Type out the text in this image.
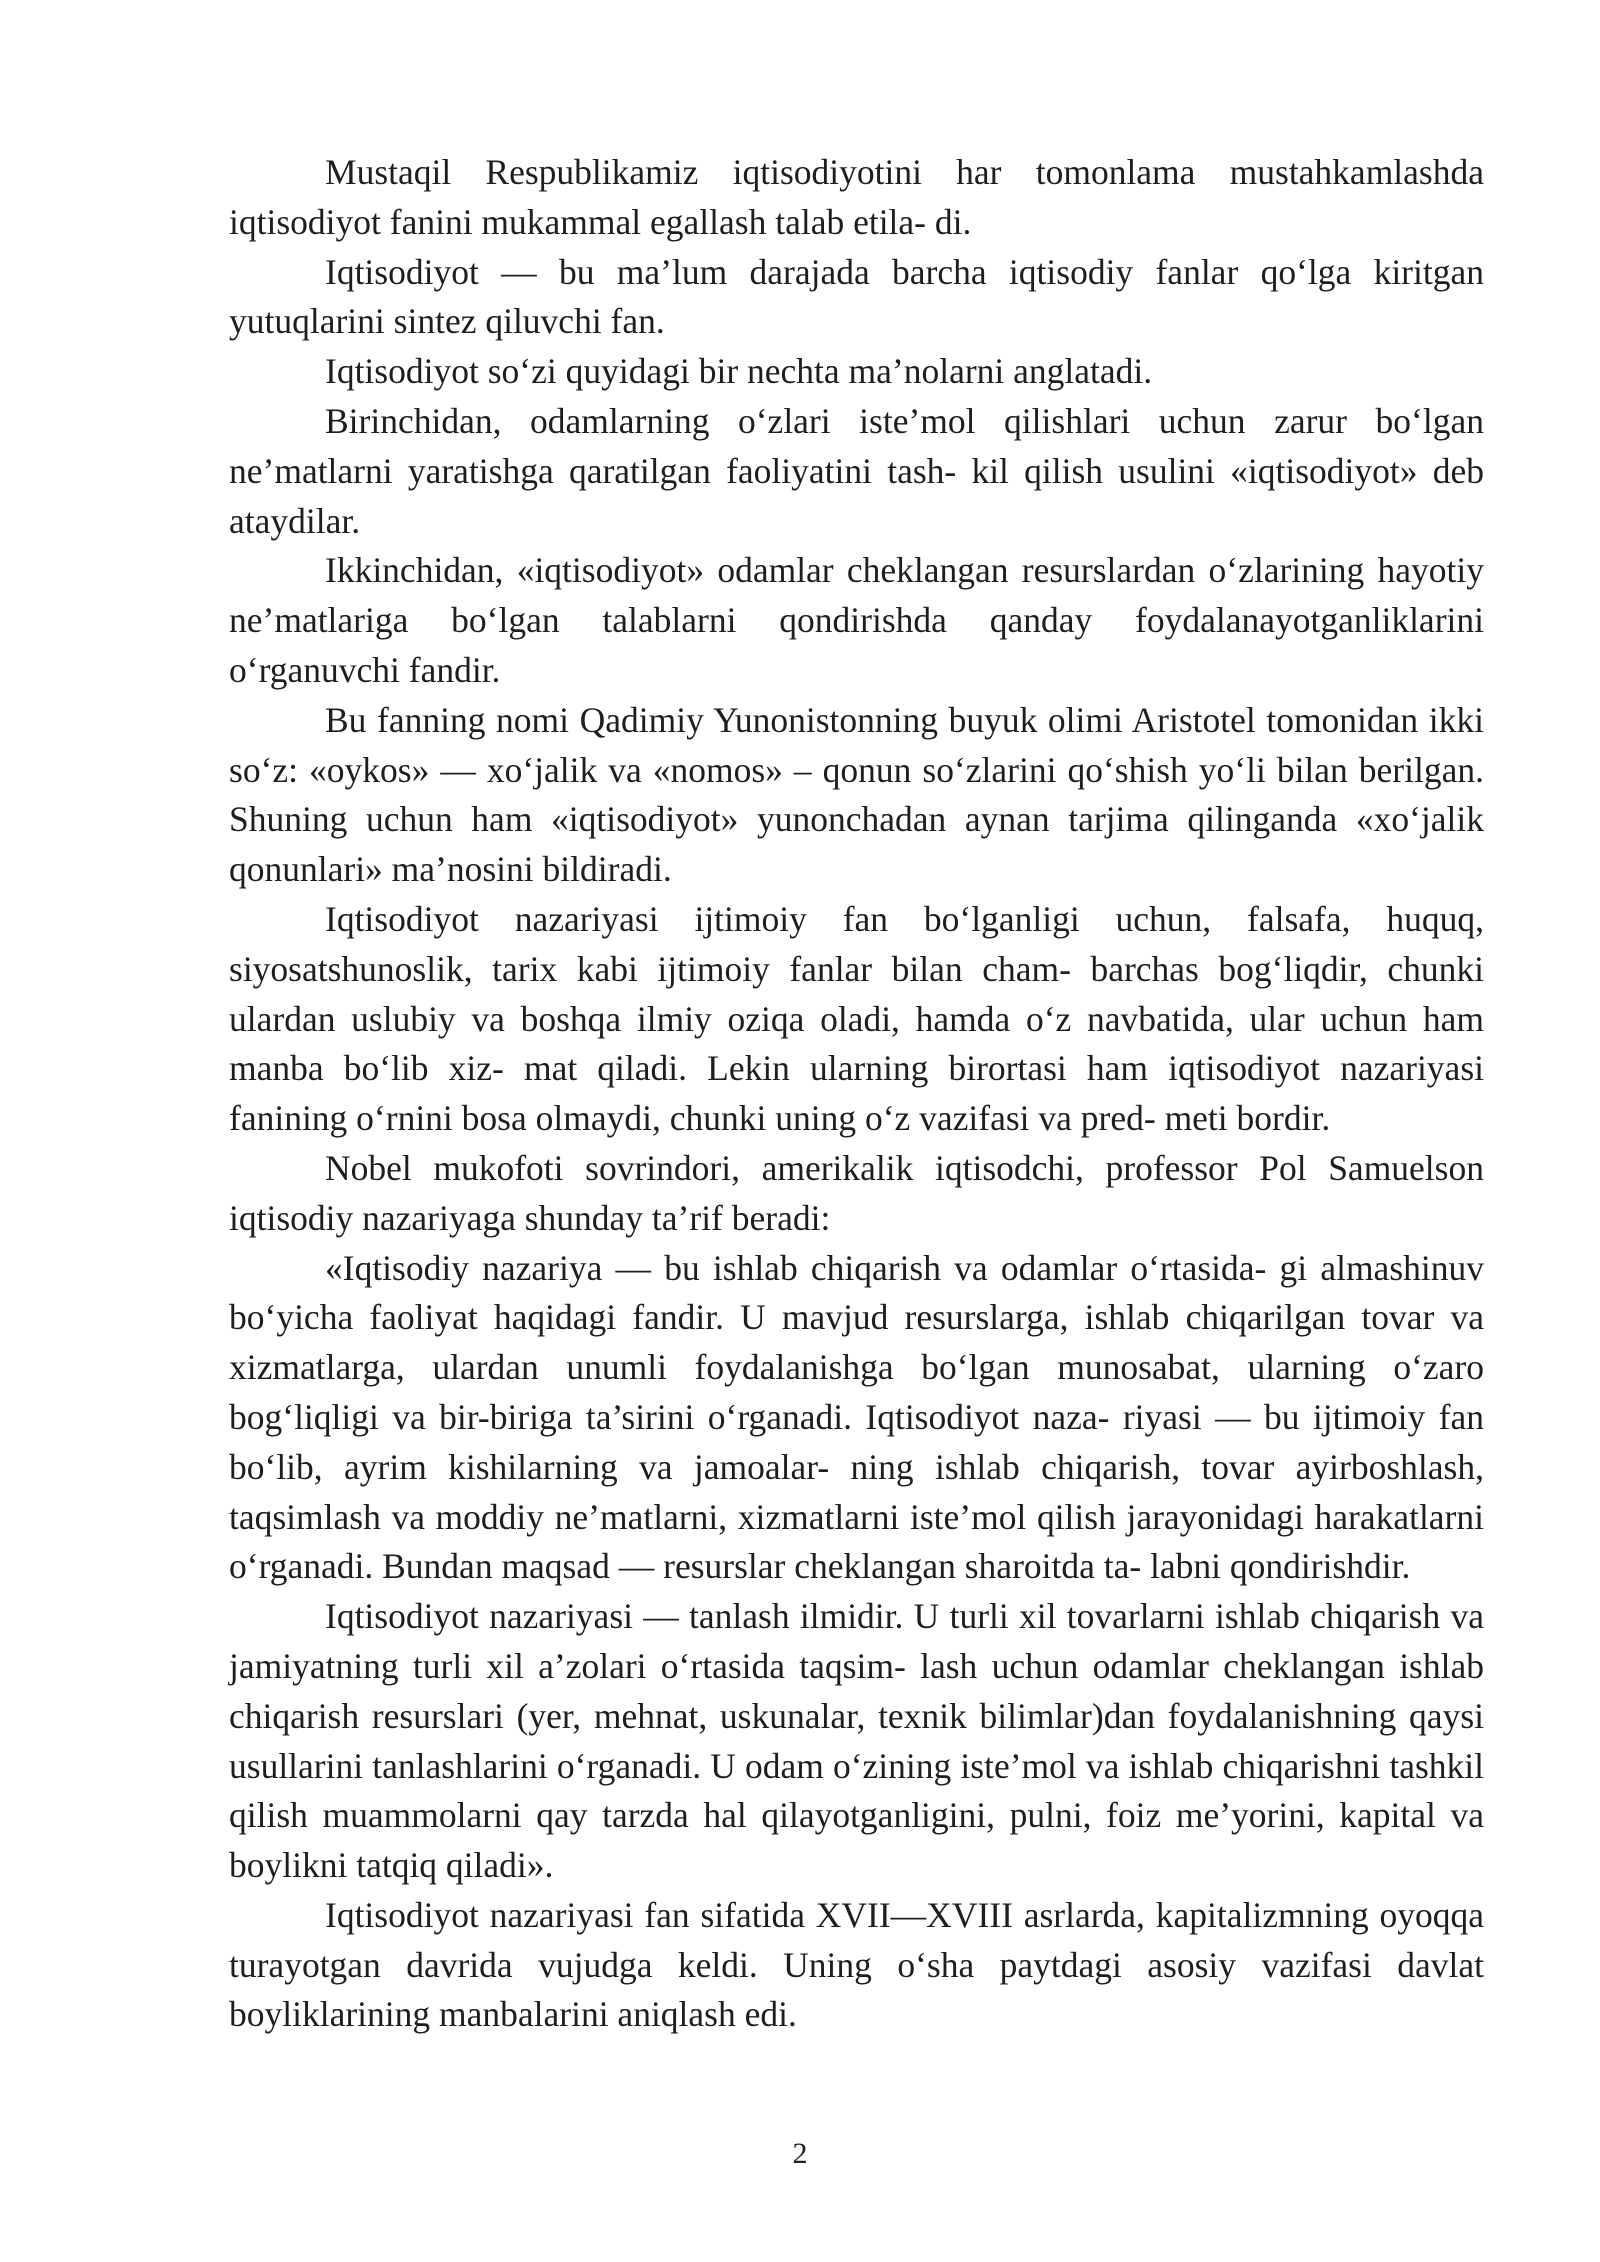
Mustaqil Respublikamiz iqtisodiyotini har tomonlama mustahkamlashda iqtisodiyot fanini mukammal egallash talab etila- di.

Iqtisodiyot — bu ma’lum darajada barcha iqtisodiy fanlar qo‘lga kiritgan yutuqlarini sintez qiluvchi fan.

Iqtisodiyot so‘zi quyidagi bir nechta ma’nolarni anglatadi.

Birinchidan, odamlarning o‘zlari iste’mol qilishlari uchun zarur bo‘lgan ne’matlarni yaratishga qaratilgan faoliyatini tash- kil qilish usulini «iqtisodiyot» deb ataydilar.

Ikkinchidan, «iqtisodiyot» odamlar cheklangan resurslardan o‘zlarining hayotiy ne’matlariga bo‘lgan talablarni qondirishda qanday foydalanayotganliklarini o‘rganuvchi fandir.

Bu fanning nomi Qadimiy Yunonistonning buyuk olimi Aristotel tomonidan ikki so‘z: «oykos» — xo‘jalik va «nomos» – qonun so‘zlarini qo‘shish yo‘li bilan berilgan. Shuning uchun ham «iqtisodiyot» yunonchadan aynan tarjima qilinganda «xo‘jalik qonunlari» ma’nosini bildiradi.

Iqtisodiyot nazariyasi ijtimoiy fan bo‘lganligi uchun, falsafa, huquq, siyosatshunoslik, tarix kabi ijtimoiy fanlar bilan cham- barchas bog‘liqdir, chunki ulardan uslubiy va boshqa ilmiy oziqa oladi, hamda o‘z navbatida, ular uchun ham manba bo‘lib xiz- mat qiladi. Lekin ularning birortasi ham iqtisodiyot nazariyasi fanining o‘rnini bosa olmaydi, chunki uning o‘z vazifasi va pred- meti bordir.

Nobel mukofoti sovrindori, amerikalik iqtisodchi, professor Pol Samuelson iqtisodiy nazariyaga shunday ta’rif beradi:

«Iqtisodiy nazariya — bu ishlab chiqarish va odamlar o‘rtasida- gi almashinuv bo‘yicha faoliyat haqidagi fandir. U mavjud resurslarga, ishlab chiqarilgan tovar va xizmatlarga, ulardan unumli foydalanishga bo‘lgan munosabat, ularning o‘zaro bog‘liqligi va bir-biriga ta’sirini o‘rganadi. Iqtisodiyot naza- riyasi — bu ijtimoiy fan bo‘lib, ayrim kishilarning va jamoalar- ning ishlab chiqarish, tovar ayirboshlash, taqsimlash va moddiy ne’matlarni, xizmatlarni iste’mol qilish jarayonidagi harakatlarni o‘rganadi. Bundan maqsad — resurslar cheklangan sharoitda ta- labni qondirishdir.

Iqtisodiyot nazariyasi — tanlash ilmidir. U turli xil tovarlarni ishlab chiqarish va jamiyatning turli xil a’zolari o‘rtasida taqsim- lash uchun odamlar cheklangan ishlab chiqarish resurslari (yer, mehnat, uskunalar, texnik bilimlar)dan foydalanishning qaysi usullarini tanlashlarini o‘rganadi. U odam o‘zining iste’mol va ishlab chiqarishni tashkil qilish muammolarni qay tarzda hal qilayotganligini, pulni, foiz me’yorini, kapital va boylikni tatqiq qiladi».

Iqtisodiyot nazariyasi fan sifatida XVII—XVIII asrlarda, kapitalizmning oyoqqa turayotgan davrida vujudga keldi. Uning o‘sha paytdagi asosiy vazifasi davlat boyliklarining manbalarini aniqlash edi.

2
